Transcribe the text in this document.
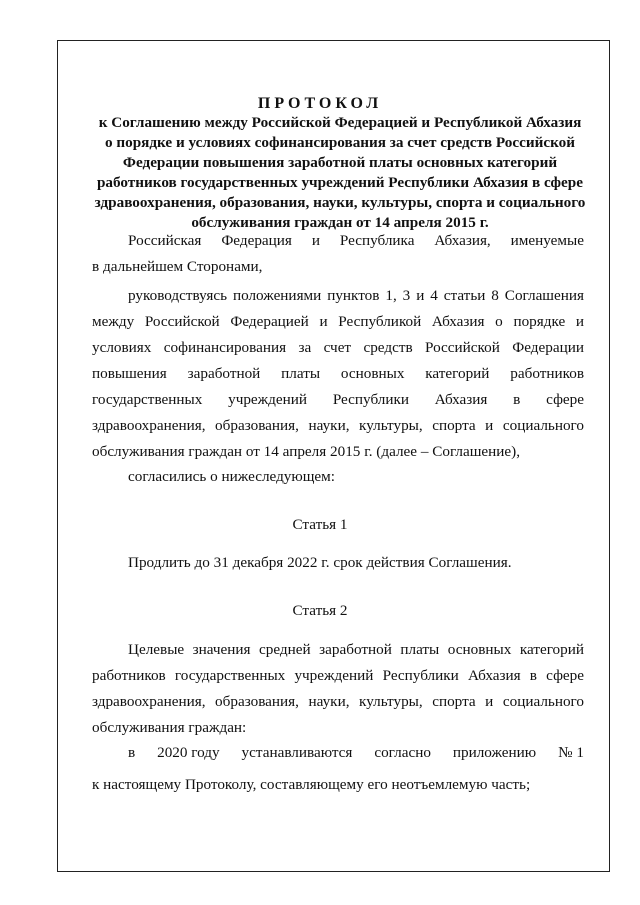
ПРОТОКОЛ
к Соглашению между Российской Федерацией и Республикой Абхазия
о порядке и условиях софинансирования за счет средств Российской
Федерации повышения заработной платы основных категорий
работников государственных учреждений Республики Абхазия в сфере
здравоохранения, образования, науки, культуры, спорта и социального
обслуживания граждан от 14 апреля 2015 г.
Российская Федерация и Республика Абхазия, именуемые
в дальнейшем Сторонами,
руководствуясь положениями пунктов 1, 3 и 4 статьи 8 Соглашения между Российской Федерацией и Республикой Абхазия о порядке и условиях софинансирования за счет средств Российской Федерации повышения заработной платы основных категорий работников государственных учреждений Республики Абхазия в сфере здравоохранения, образования, науки, культуры, спорта и социального обслуживания граждан от 14 апреля 2015 г. (далее – Соглашение),
согласились о нижеследующем:
Статья 1
Продлить до 31 декабря 2022 г. срок действия Соглашения.
Статья 2
Целевые значения средней заработной платы основных категорий работников государственных учреждений Республики Абхазия в сфере здравоохранения, образования, науки, культуры, спорта и социального обслуживания граждан:
в 2020 году устанавливаются согласно приложению № 1
к настоящему Протоколу, составляющему его неотъемлемую часть;
